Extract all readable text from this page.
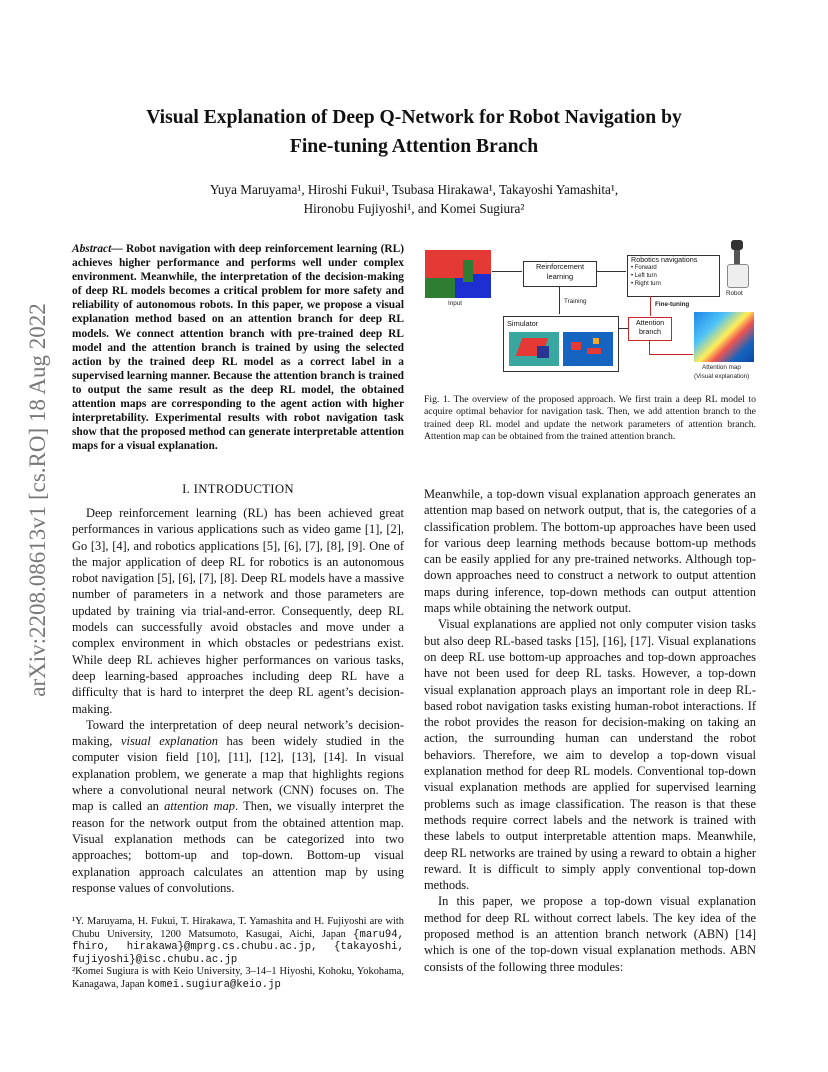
arXiv:2208.08613v1 [cs.RO] 18 Aug 2022
Visual Explanation of Deep Q-Network for Robot Navigation by
Fine-tuning Attention Branch
Yuya Maruyama¹, Hiroshi Fukui¹, Tsubasa Hirakawa¹, Takayoshi Yamashita¹,
Hironobu Fujiyoshi¹, and Komei Sugiura²
Abstract— Robot navigation with deep reinforcement learning (RL) achieves higher performance and performs well under complex environment. Meanwhile, the interpretation of the decision-making of deep RL models becomes a critical problem for more safety and reliability of autonomous robots. In this paper, we propose a visual explanation method based on an attention branch for deep RL models. We connect attention branch with pre-trained deep RL model and the attention branch is trained by using the selected action by the trained deep RL model as a correct label in a supervised learning manner. Because the attention branch is trained to output the same result as the deep RL model, the obtained attention maps are corresponding to the agent action with higher interpretability. Experimental results with robot navigation task show that the proposed method can generate interpretable attention maps for a visual explanation.
I. INTRODUCTION

Deep reinforcement learning (RL) has been achieved great performances in various applications such as video game [1], [2], Go [3], [4], and robotics applications [5], [6], [7], [8], [9]. One of the major application of deep RL for robotics is an autonomous robot navigation [5], [6], [7], [8]. Deep RL models have a massive number of parameters in a network and those parameters are updated by training via trial-and-error. Consequently, deep RL models can successfully avoid obstacles and move under a complex environment in which obstacles or pedestrians exist. While deep RL achieves higher performances on various tasks, deep learning-based approaches including deep RL have a difficulty that is hard to interpret the deep RL agent’s decision-making.

Toward the interpretation of deep neural network’s decision-making, visual explanation has been widely studied in the computer vision field [10], [11], [12], [13], [14]. In visual explanation problem, we generate a map that highlights regions where a convolutional neural network (CNN) focuses on. The map is called an attention map. Then, we visually interpret the reason for the network output from the obtained attention map. Visual explanation methods can be categorized into two approaches; bottom-up and top-down. Bottom-up visual explanation approach calculates an attention map by using response values of convolutions.

¹Y. Maruyama, H. Fukui, T. Hirakawa, T. Yamashita and H. Fujiyoshi are with Chubu University, 1200 Matsumoto, Kasugai, Aichi, Japan {maru94, fhiro, hirakawa}@mprg.cs.chubu.ac.jp, {takayoshi, fujiyoshi}@isc.chubu.ac.jp
²Komei Sugiura is with Keio University, 3–14–1 Hiyoshi, Kohoku, Yokohama, Kanagawa, Japan komei.sugiura@keio.jp
Input
Reinforcement learning
Robotics navigations
• Forward
• Left turn
• Right turn
Robot
Training	Fine-tuning
Simulator	Attention branch
Attention map
(Visual explanation)
Fig. 1. The overview of the proposed approach. We first train a deep RL model to acquire optimal behavior for navigation task. Then, we add attention branch to the trained deep RL model and update the network parameters of attention branch. Attention map can be obtained from the trained attention branch.

Meanwhile, a top-down visual explanation approach generates an attention map based on network output, that is, the categories of a classification problem. The bottom-up approaches have been used for various deep learning methods because bottom-up methods can be easily applied for any pre-trained networks. Although top-down approaches need to construct a network to output attention maps during inference, top-down methods can output attention maps while obtaining the network output.

Visual explanations are applied not only computer vision tasks but also deep RL-based tasks [15], [16], [17]. Visual explanations on deep RL use bottom-up approaches and top-down approaches have not been used for deep RL tasks. However, a top-down visual explanation approach plays an important role in deep RL-based robot navigation tasks existing human-robot interactions. If the robot provides the reason for decision-making on taking an action, the surrounding human can understand the robot behaviors. Therefore, we aim to develop a top-down visual explanation method for deep RL models. Conventional top-down visual explanation methods are applied for supervised learning problems such as image classification. The reason is that these methods require correct labels and the network is trained with these labels to output interpretable attention maps. Meanwhile, deep RL networks are trained by using a reward to obtain a higher reward. It is difficult to simply apply conventional top-down methods.

In this paper, we propose a top-down visual explanation method for deep RL without correct labels. The key idea of the proposed method is an attention branch network (ABN) [14] which is one of the top-down visual explanation methods. ABN consists of the following three modules:
